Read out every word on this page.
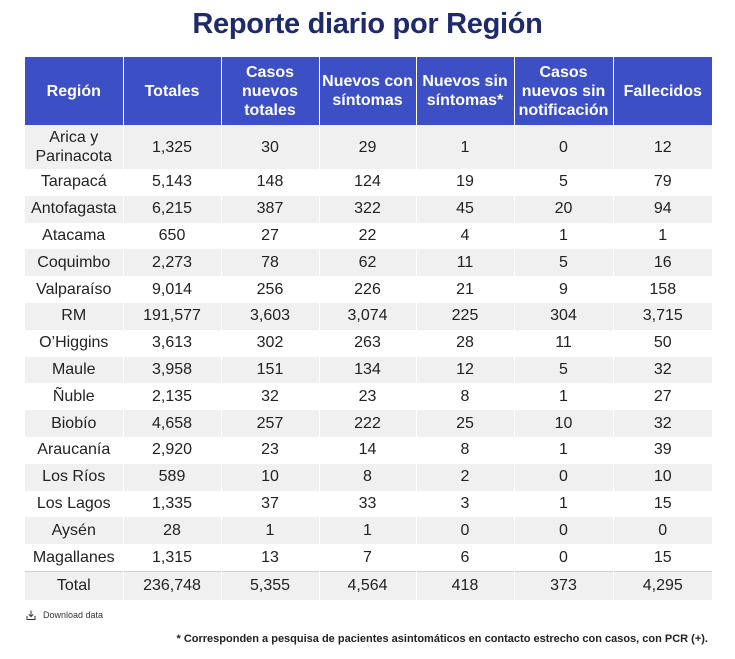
Reporte diario por Región
Región	Totales	Casos nuevos totales	Nuevos con síntomas	Nuevos sin síntomas*	Casos nuevos sin notificación	Fallecidos
Arica y Parinacota	1,325	30	29	1	0	12
Tarapacá	5,143	148	124	19	5	79
Antofagasta	6,215	387	322	45	20	94
Atacama	650	27	22	4	1	1
Coquimbo	2,273	78	62	11	5	16
Valparaíso	9,014	256	226	21	9	158
RM	191,577	3,603	3,074	225	304	3,715
O’Higgins	3,613	302	263	28	11	50
Maule	3,958	151	134	12	5	32
Ñuble	2,135	32	23	8	1	27
Biobío	4,658	257	222	25	10	32
Araucanía	2,920	23	14	8	1	39
Los Ríos	589	10	8	2	0	10
Los Lagos	1,335	37	33	3	1	15
Aysén	28	1	1	0	0	0
Magallanes	1,315	13	7	6	0	15
Total	236,748	5,355	4,564	418	373	4,295
Download data
* Corresponden a pesquisa de pacientes asintomáticos en contacto estrecho con casos, con PCR (+).
